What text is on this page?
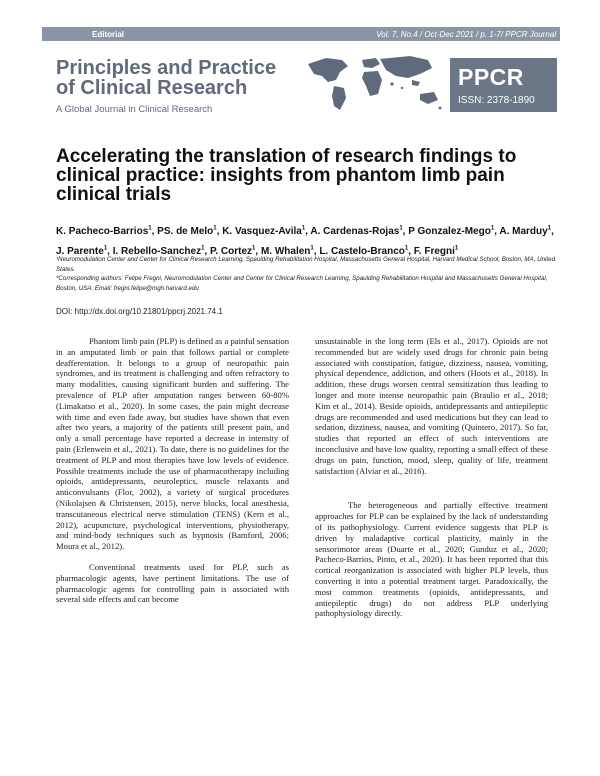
Editorial	Vol. 7, No.4 / Oct-Dec 2021 / p. 1-7/ PPCR Journal
Principles and Practice
of Clinical Research
A Global Journal in Clinical Research
PPCR
ISSN: 2378-1890
Accelerating the translation of research findings to clinical practice: insights from phantom limb pain clinical trials
K. Pacheco-Barrios$^1$, PS. de Melo$^1$, K. Vasquez-Avila$^1$, A. Cardenas-Rojas$^1$, P Gonzalez-Mego$^1$, A. Marduy$^1$, J. Parente$^1$, I. Rebello-Sanchez$^1$, P. Cortez$^1$, M. Whalen$^1$, L. Castelo-Branco$^1$, F. Fregni$^1$
¹Neuromodulation Center and Center for Clinical Research Learning, Spaulding Rehabilitation Hospital, Massachusetts General Hospital, Harvard Medical School, Boston, MA, United States.
*Corresponding authors: Felipe Fregni, Neuromodulation Center and Center for Clinical Research Learning, Spaulding Rehabilitation Hospital and Massachusetts General Hospital, Boston, USA. Email: fregni.felipe@mgh.harvard.edu
DOI: http://dx.doi.org/10.21801/ppcrj.2021.74.1

Phantom limb pain (PLP) is defined as a painful sensation in an amputated limb or pain that follows partial or complete deafferentation. It belongs to a group of neuropathic pain syndromes, and its treatment is challenging and often refractory to many modalities, causing significant burden and suffering. The prevalence of PLP after amputation ranges between 60-80% (Limakatso et al., 2020). In some cases, the pain might decrease with time and even fade away, but studies have shown that even after two years, a majority of the patients still present pain, and only a small percentage have reported a decrease in intensity of pain (Erlenwein et al., 2021). To date, there is no guidelines for the treatment of PLP and most therapies have low levels of evidence. Possible treatments include the use of pharmacotherapy including opioids, antidepressants, neuroleptics, muscle relaxants and anticonvulsants (Flor, 2002), a variety of surgical procedures (Nikolajsen & Christensen, 2015), nerve blocks, local anesthesia, transcutaneous electrical nerve stimulation (TENS) (Kern et al., 2012), acupuncture, psychological interventions, physiotherapy, and mind-body techniques such as hypnosis (Bamford, 2006; Moura et al., 2012).

Conventional treatments used for PLP, such as pharmacologic agents, have pertinent limitations. The use of pharmacologic agents for controlling pain is associated with several side effects and can become

unsustainable in the long term (Els et al., 2017). Opioids are not recommended but are widely used drugs for chronic pain being associated with constipation, fatigue, dizziness, nausea, vomiting, physical dependence, addiction, and others (Hoots et al., 2018). In addition, these drugs worsen central sensitization thus leading to longer and more intense neuropathic pain (Braulio et al., 2018; Kim et al., 2014). Beside opioids, antidepressants and antiepileptic drugs are recommended and used medications but they can lead to sedation, dizziness, nausea, and vomiting (Quintero, 2017). So far, studies that reported an effect of such interventions are inconclusive and have low quality, reporting a small effect of these drugs on pain, function, mood, sleep, quality of life, treatment satisfaction (Alviar et al., 2016).

The heterogeneous and partially effective treatment approaches for PLP can be explained by the lack of understanding of its pathophysiology. Current evidence suggests that PLP is driven by maladaptive cortical plasticity, mainly in the sensorimotor areas (Duarte et al., 2020; Gunduz et al., 2020; Pacheco-Barrios, Pinto, et al., 2020). It has been reported that this cortical reorganization is associated with higher PLP levels, thus converting it into a potential treatment target. Paradoxically, the most common treatments (opioids, antidepressants, and antiepileptic drugs) do not address PLP underlying pathophysiology directly.
